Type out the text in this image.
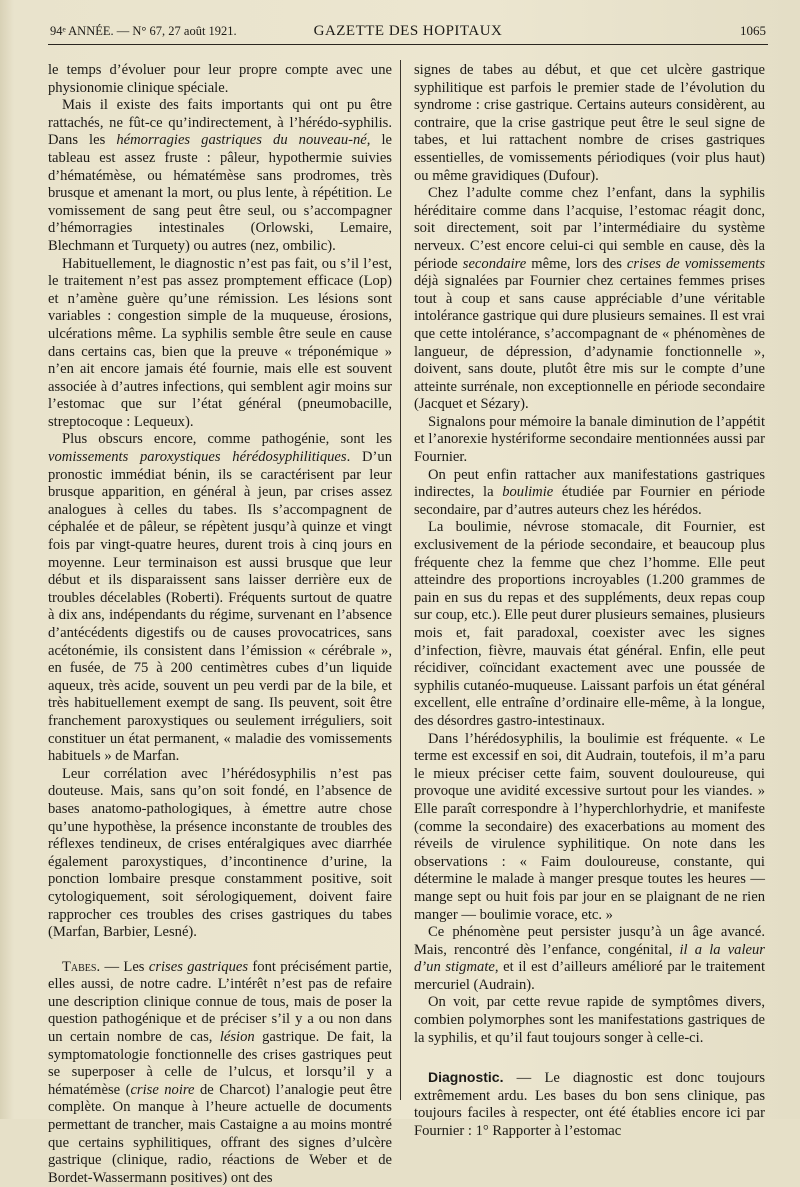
94ᵉ ANNÉE. — N° 67, 27 août 1921.	GAZETTE DES HOPITAUX	1065

le temps d’évoluer pour leur propre compte avec une physionomie clinique spéciale.

Mais il existe des faits importants qui ont pu être rattachés, ne fût-ce qu’indirectement, à l’hérédo-syphilis. Dans les hémorragies gastriques du nouveau-né, le tableau est assez fruste : pâleur, hypothermie suivies d’hématémèse, ou hématémèse sans prodromes, très brusque et amenant la mort, ou plus lente, à répétition. Le vomissement de sang peut être seul, ou s’accompagner d’hémorragies intestinales (Orlowski, Lemaire, Blechmann et Turquety) ou autres (nez, ombilic).

Habituellement, le diagnostic n’est pas fait, ou s’il l’est, le traitement n’est pas assez promptement efficace (Lop) et n’amène guère qu’une rémission. Les lésions sont variables : congestion simple de la muqueuse, érosions, ulcérations même. La syphilis semble être seule en cause dans certains cas, bien que la preuve « tréponémique » n’en ait encore jamais été fournie, mais elle est souvent associée à d’autres infections, qui semblent agir moins sur l’estomac que sur l’état général (pneumobacille, streptocoque : Lequeux).

Plus obscurs encore, comme pathogénie, sont les vomissements paroxystiques hérédosyphilitiques. D’un pronostic immédiat bénin, ils se caractérisent par leur brusque apparition, en général à jeun, par crises assez analogues à celles du tabes. Ils s’accompagnent de céphalée et de pâleur, se répètent jusqu’à quinze et vingt fois par vingt-quatre heures, durent trois à cinq jours en moyenne. Leur terminaison est aussi brusque que leur début et ils disparaissent sans laisser derrière eux de troubles décelables (Roberti). Fréquents surtout de quatre à dix ans, indépendants du régime, survenant en l’absence d’antécédents digestifs ou de causes provocatrices, sans acétonémie, ils consistent dans l’émission « cérébrale », en fusée, de 75 à 200 centimètres cubes d’un liquide aqueux, très acide, souvent un peu verdi par de la bile, et très habituellement exempt de sang. Ils peuvent, soit être franchement paroxystiques ou seulement irréguliers, soit constituer un état permanent, « maladie des vomissements habituels » de Marfan.

Leur corrélation avec l’hérédosyphilis n’est pas douteuse. Mais, sans qu’on soit fondé, en l’absence de bases anatomo-pathologiques, à émettre autre chose qu’une hypothèse, la présence inconstante de troubles des réflexes tendineux, de crises entéralgiques avec diarrhée également paroxystiques, d’incontinence d’urine, la ponction lombaire presque constamment positive, soit cytologiquement, soit sérologiquement, doivent faire rapprocher ces troubles des crises gastriques du tabes (Marfan, Barbier, Lesné).

Tabes. — Les crises gastriques font précisément partie, elles aussi, de notre cadre. L’intérêt n’est pas de refaire une description clinique connue de tous, mais de poser la question pathogénique et de préciser s’il y a ou non dans un certain nombre de cas, lésion gastrique. De fait, la symptomatologie fonctionnelle des crises gastriques peut se superposer à celle de l’ulcus, et lorsqu’il y a hématémèse (crise noire de Charcot) l’analogie peut être complète. On manque à l’heure actuelle de documents permettant de trancher, mais Castaigne a au moins montré que certains syphilitiques, offrant des signes d’ulcère gastrique (clinique, radio, réactions de Weber et de Bordet-Wassermann positives) ont des

signes de tabes au début, et que cet ulcère gastrique syphilitique est parfois le premier stade de l’évolution du syndrome : crise gastrique. Certains auteurs considèrent, au contraire, que la crise gastrique peut être le seul signe de tabes, et lui rattachent nombre de crises gastriques essentielles, de vomissements périodiques (voir plus haut) ou même gravidiques (Dufour).

Chez l’adulte comme chez l’enfant, dans la syphilis héréditaire comme dans l’acquise, l’estomac réagit donc, soit directement, soit par l’intermédiaire du système nerveux. C’est encore celui-ci qui semble en cause, dès la période secondaire même, lors des crises de vomissements déjà signalées par Fournier chez certaines femmes prises tout à coup et sans cause appréciable d’une véritable intolérance gastrique qui dure plusieurs semaines. Il est vrai que cette intolérance, s’accompagnant de « phénomènes de langueur, de dépression, d’adynamie fonctionnelle », doivent, sans doute, plutôt être mis sur le compte d’une atteinte surrénale, non exceptionnelle en période secondaire (Jacquet et Sézary).

Signalons pour mémoire la banale diminution de l’appétit et l’anorexie hystériforme secondaire mentionnées aussi par Fournier.

On peut enfin rattacher aux manifestations gastriques indirectes, la boulimie étudiée par Fournier en période secondaire, par d’autres auteurs chez les hérédos.

La boulimie, névrose stomacale, dit Fournier, est exclusivement de la période secondaire, et beaucoup plus fréquente chez la femme que chez l’homme. Elle peut atteindre des proportions incroyables (1.200 grammes de pain en sus du repas et des suppléments, deux repas coup sur coup, etc.). Elle peut durer plusieurs semaines, plusieurs mois et, fait paradoxal, coexister avec les signes d’infection, fièvre, mauvais état général. Enfin, elle peut récidiver, coïncidant exactement avec une poussée de syphilis cutanéo-muqueuse. Laissant parfois un état général excellent, elle entraîne d’ordinaire elle-même, à la longue, des désordres gastro-intestinaux.

Dans l’hérédosyphilis, la boulimie est fréquente. « Le terme est excessif en soi, dit Audrain, toutefois, il m’a paru le mieux préciser cette faim, souvent douloureuse, qui provoque une avidité excessive surtout pour les viandes. » Elle paraît correspondre à l’hyperchlorhydrie, et manifeste (comme la secondaire) des exacerbations au moment des réveils de virulence syphilitique. On note dans les observations : « Faim douloureuse, constante, qui détermine le malade à manger presque toutes les heures — mange sept ou huit fois par jour en se plaignant de ne rien manger — boulimie vorace, etc. »

Ce phénomène peut persister jusqu’à un âge avancé. Mais, rencontré dès l’enfance, congénital, il a la valeur d’un stigmate, et il est d’ailleurs amélioré par le traitement mercuriel (Audrain).

On voit, par cette revue rapide de symptômes divers, combien polymorphes sont les manifestations gastriques de la syphilis, et qu’il faut toujours songer à celle-ci.

Diagnostic. — Le diagnostic est donc toujours extrêmement ardu. Les bases du bon sens clinique, pas toujours faciles à respecter, ont été établies encore ici par Fournier : 1° Rapporter à l’estomac
